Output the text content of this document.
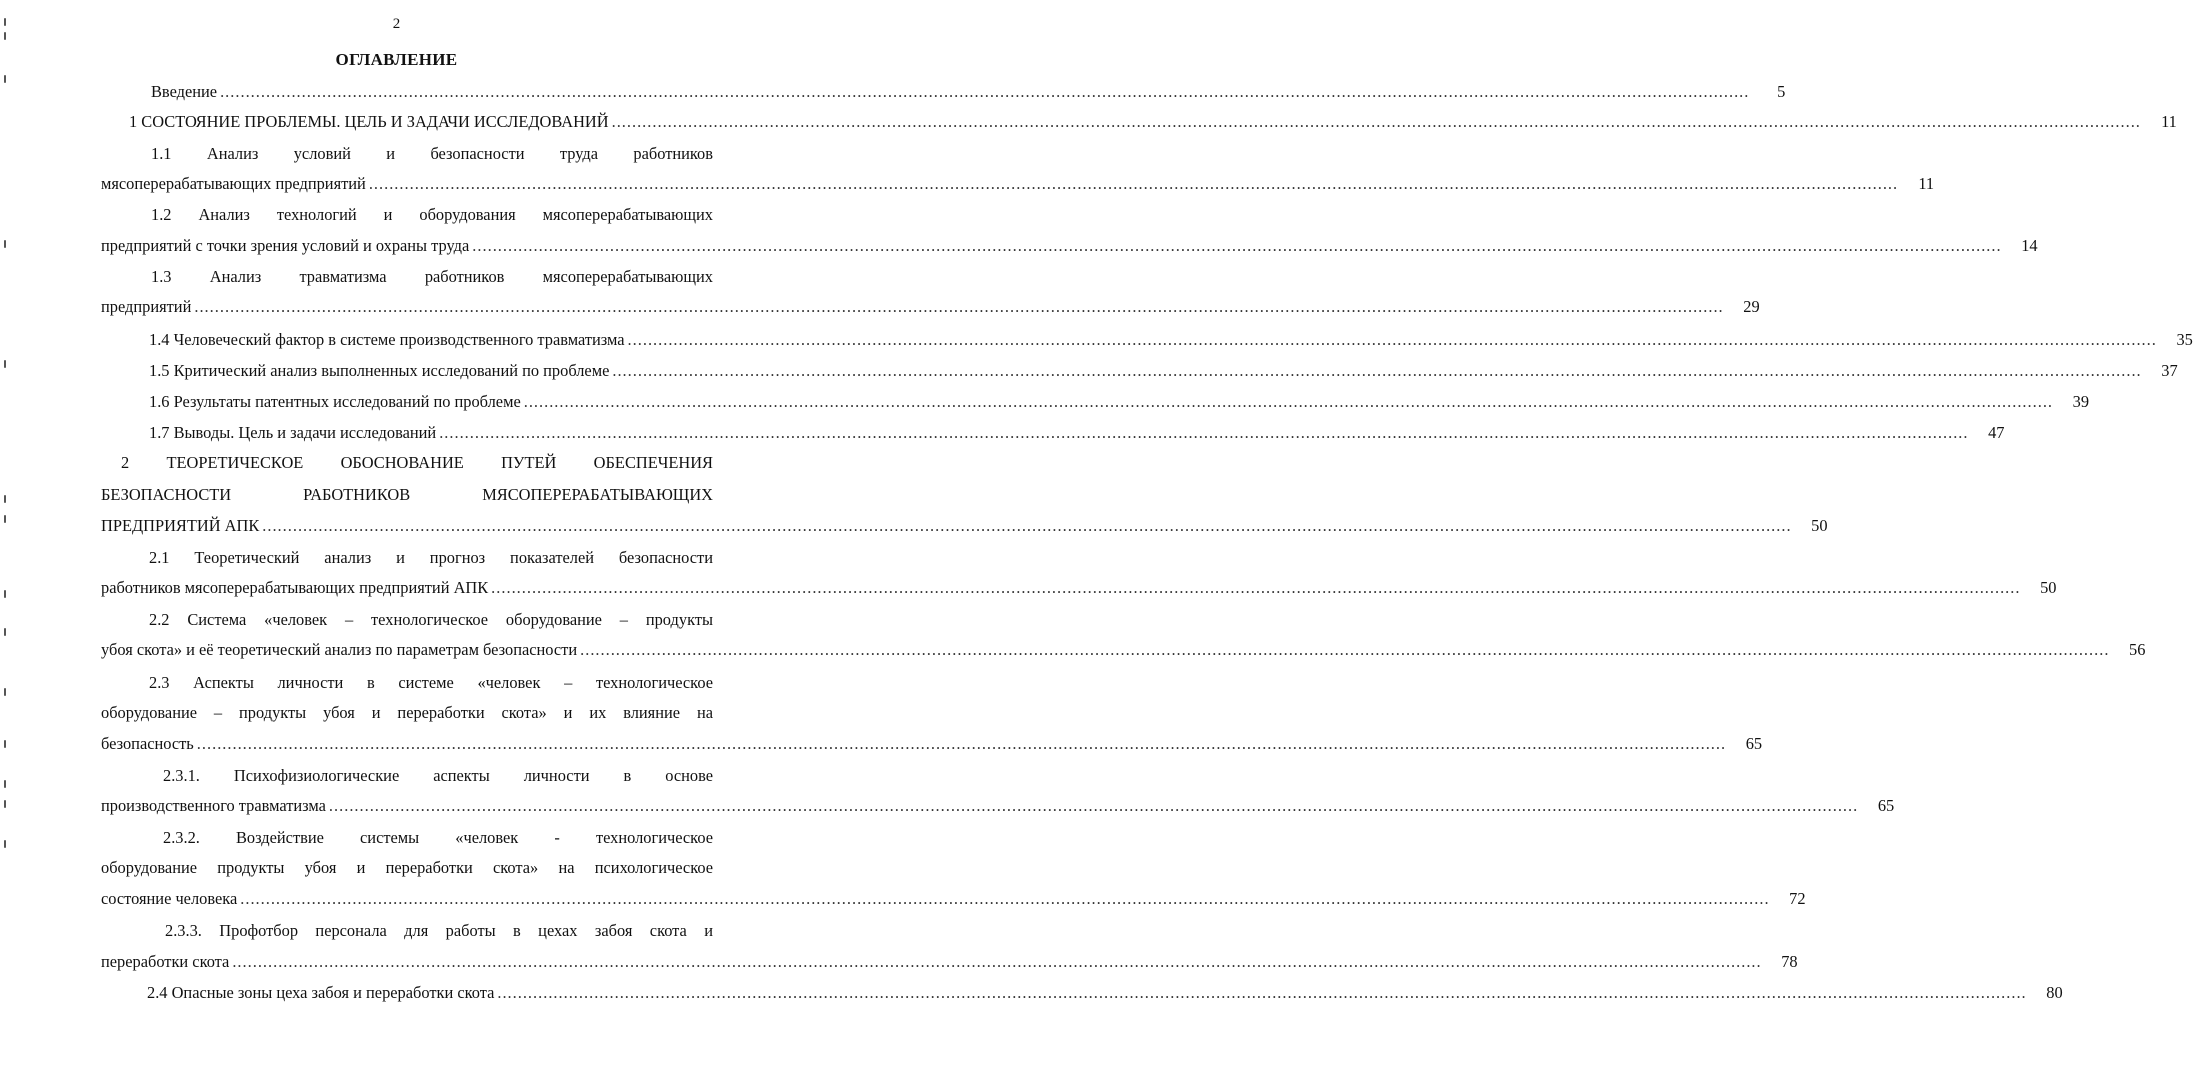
2
ОГЛАВЛЕНИЕ
Введение ............................................................................................................................................................................................................................................................................................................	5
1 СОСТОЯНИЕ ПРОБЛЕМЫ. ЦЕЛЬ И ЗАДАЧИ ИССЛЕДОВАНИЙ ............................................................................................................................................................................................................................................................................................................	11
1.1 Анализ условий и безопасности труда работников
мясоперерабатывающих предприятий ............................................................................................................................................................................................................................................................................................................	11
1.2 Анализ технологий и оборудования мясоперерабатывающих
предприятий с точки зрения условий и охраны труда ............................................................................................................................................................................................................................................................................................................	14
1.3 Анализ травматизма работников мясоперерабатывающих
предприятий ............................................................................................................................................................................................................................................................................................................	29
1.4 Человеческий фактор в системе производственного травматизма ............................................................................................................................................................................................................................................................................................................	35
1.5 Критический анализ выполненных исследований по проблеме ............................................................................................................................................................................................................................................................................................................	37
1.6 Результаты патентных исследований по проблеме ............................................................................................................................................................................................................................................................................................................	39
1.7 Выводы. Цель и задачи исследований ............................................................................................................................................................................................................................................................................................................	47
2 ТЕОРЕТИЧЕСКОЕ ОБОСНОВАНИЕ ПУТЕЙ ОБЕСПЕЧЕНИЯ
БЕЗОПАСНОСТИ РАБОТНИКОВ МЯСОПЕРЕРАБАТЫВАЮЩИХ
ПРЕДПРИЯТИЙ АПК ............................................................................................................................................................................................................................................................................................................	50
2.1 Теоретический анализ и прогноз показателей безопасности
работников мясоперерабатывающих предприятий АПК ............................................................................................................................................................................................................................................................................................................	50
2.2 Система «человек – технологическое оборудование – продукты
убоя скота» и её теоретический анализ по параметрам безопасности ............................................................................................................................................................................................................................................................................................................	56
2.3 Аспекты личности в системе «человек – технологическое
оборудование – продукты убоя и переработки скота» и их влияние на
безопасность ............................................................................................................................................................................................................................................................................................................	65
2.3.1. Психофизиологические аспекты личности в основе
производственного травматизма ............................................................................................................................................................................................................................................................................................................	65
2.3.2. Воздействие системы «человек - технологическое
оборудование продукты убоя и переработки скота» на психологическое
состояние человека ............................................................................................................................................................................................................................................................................................................	72
2.3.3. Профотбор персонала для работы в цехах забоя скота и
переработки скота ............................................................................................................................................................................................................................................................................................................	78
2.4 Опасные зоны цеха забоя и переработки скота ............................................................................................................................................................................................................................................................................................................	80
